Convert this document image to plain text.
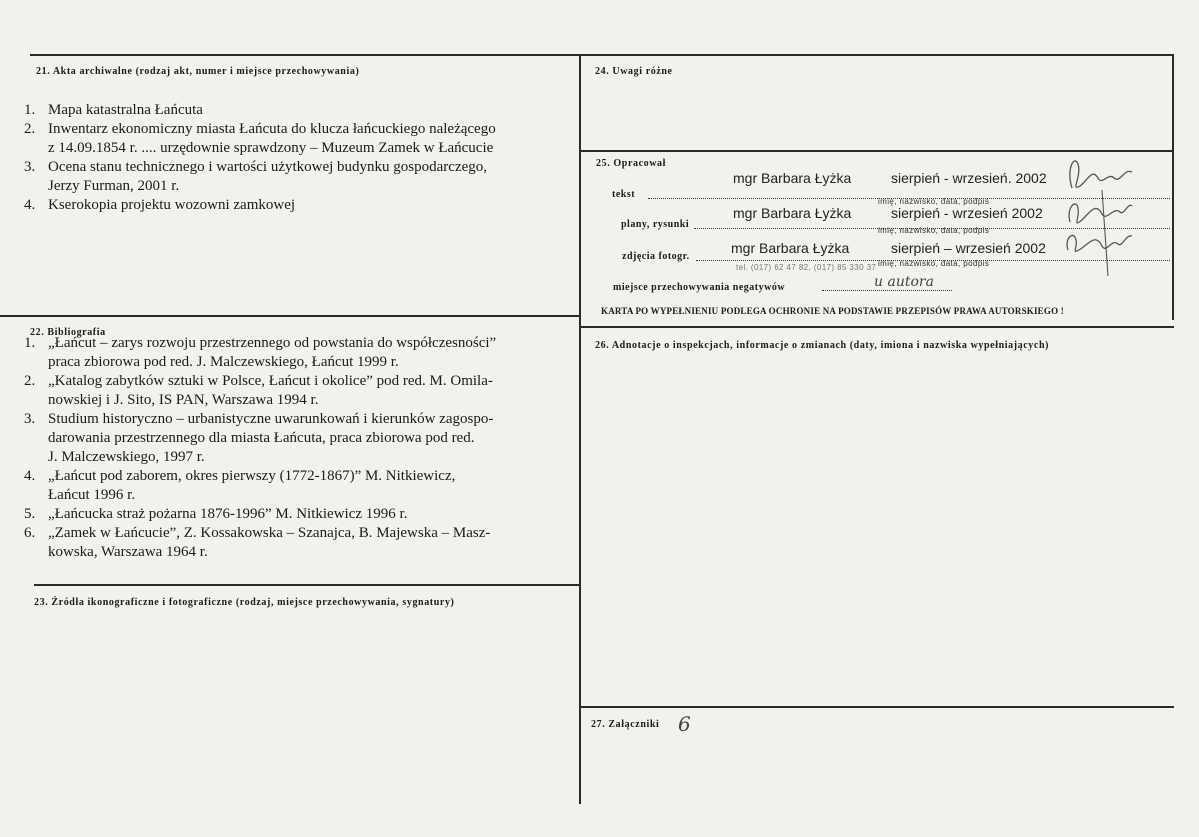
21. Akta archiwalne (rodzaj akt, numer i miejsce przechowywania)
1. Mapa katastralna Łańcuta
2. Inwentarz ekonomiczny miasta Łańcuta do klucza łańcuckiego należącego
z 14.09.1854 r. .... urzędownie sprawdzony – Muzeum Zamek w Łańcucie
3. Ocena stanu technicznego i wartości użytkowej budynku gospodarczego,
Jerzy Furman, 2001 r.
4. Kserokopia projektu wozowni zamkowej
22. Bibliografia
1. „Łańcut – zarys rozwoju przestrzennego od powstania do współczesności”
praca zbiorowa pod red. J. Malczewskiego, Łańcut 1999 r.
2. „Katalog zabytków sztuki w Polsce, Łańcut i okolice” pod red. M. Omila-
nowskiej i J. Sito, IS PAN, Warszawa 1994 r.
3. Studium historyczno – urbanistyczne uwarunkowań i kierunków zagospo-
darowania przestrzennego dla miasta Łańcuta, praca zbiorowa pod red.
J. Malczewskiego, 1997 r.
4. „Łańcut pod zaborem, okres pierwszy (1772-1867)” M. Nitkiewicz,
Łańcut 1996 r.
5. „Łańcucka straż pożarna 1876-1996” M. Nitkiewicz 1996 r.
6. „Zamek w Łańcucie”, Z. Kossakowska – Szanajca, B. Majewska – Masz-
kowska, Warszawa 1964 r.
23. Źródła ikonograficzne i fotograficzne (rodzaj, miejsce przechowywania, sygnatury)
24. Uwagi różne
25. Opracował
tekst
mgr Barbara Łyżka	sierpień - wrzesień. 2002
imię, nazwisko, data, podpis
plany, rysunki
mgr Barbara Łyżka	sierpień - wrzesień 2002
imię, nazwisko, data, podpis
zdjęcia fotogr.
mgr Barbara Łyżka	sierpień – wrzesień 2002
imię, nazwisko, data, podpis
tel. (017) 62 47 82, (017) 85 330 37
miejsce przechowywania negatywów	u autora
KARTA PO WYPEŁNIENIU PODLEGA OCHRONIE NA PODSTAWIE PRZEPISÓW PRAWA AUTORSKIEGO !
26. Adnotacje o inspekcjach, informacje o zmianach (daty, imiona i nazwiska wypełniających)
27. Załączniki 6
